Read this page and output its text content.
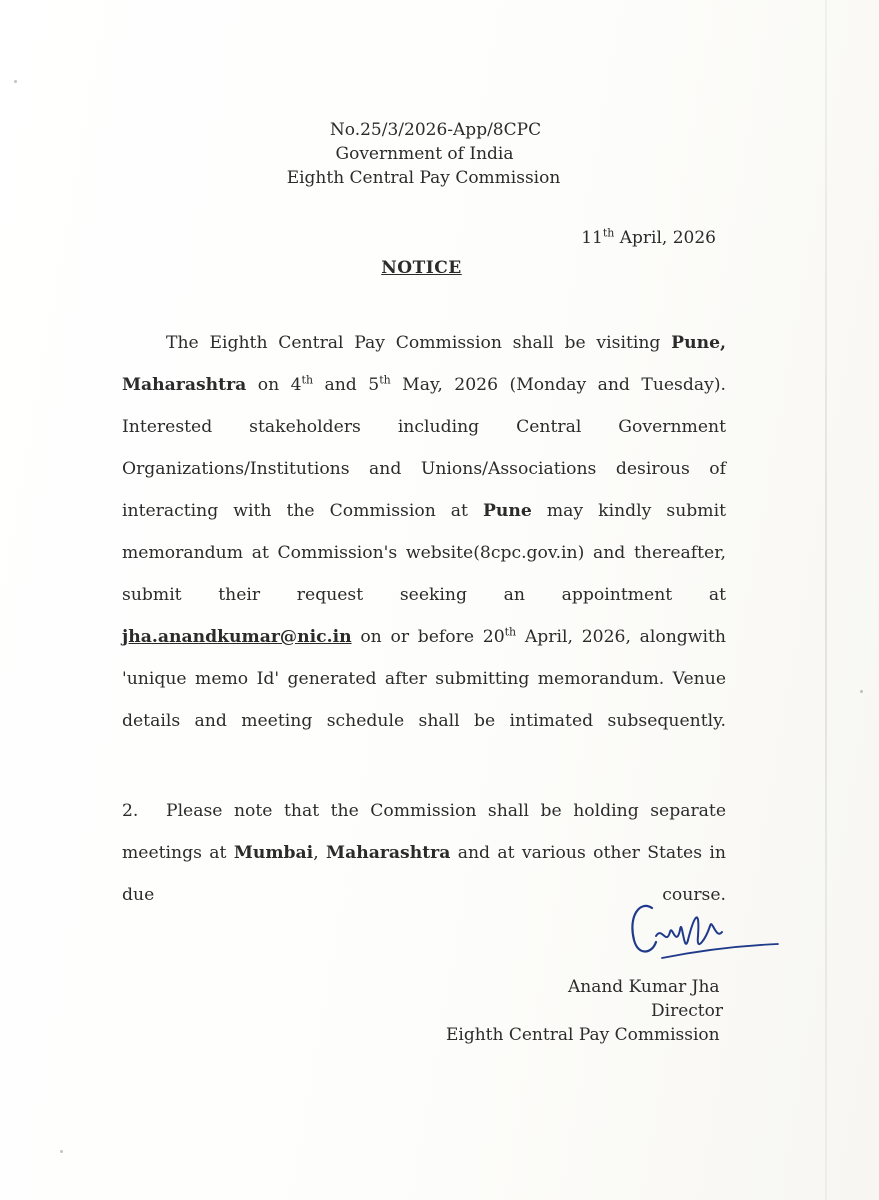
No.25/3/2026-App/8CPC
Government of India
Eighth Central Pay Commission
11th April, 2026
NOTICE
The Eighth Central Pay Commission shall be visiting Pune, Maharashtra on 4th and 5th May, 2026 (Monday and Tuesday). Interested stakeholders including Central Government Organizations/Institutions and Unions/Associations desirous of interacting with the Commission at Pune may kindly submit memorandum at Commission's website(8cpc.gov.in) and thereafter, submit their request seeking an appointment at jha.anandkumar@nic.in on or before 20th April, 2026, alongwith 'unique memo Id' generated after submitting memorandum. Venue details and meeting schedule shall be intimated subsequently.
2. Please note that the Commission shall be holding separate meetings at Mumbai, Maharashtra and at various other States in due course.
Anand Kumar Jha
Director
Eighth Central Pay Commission
